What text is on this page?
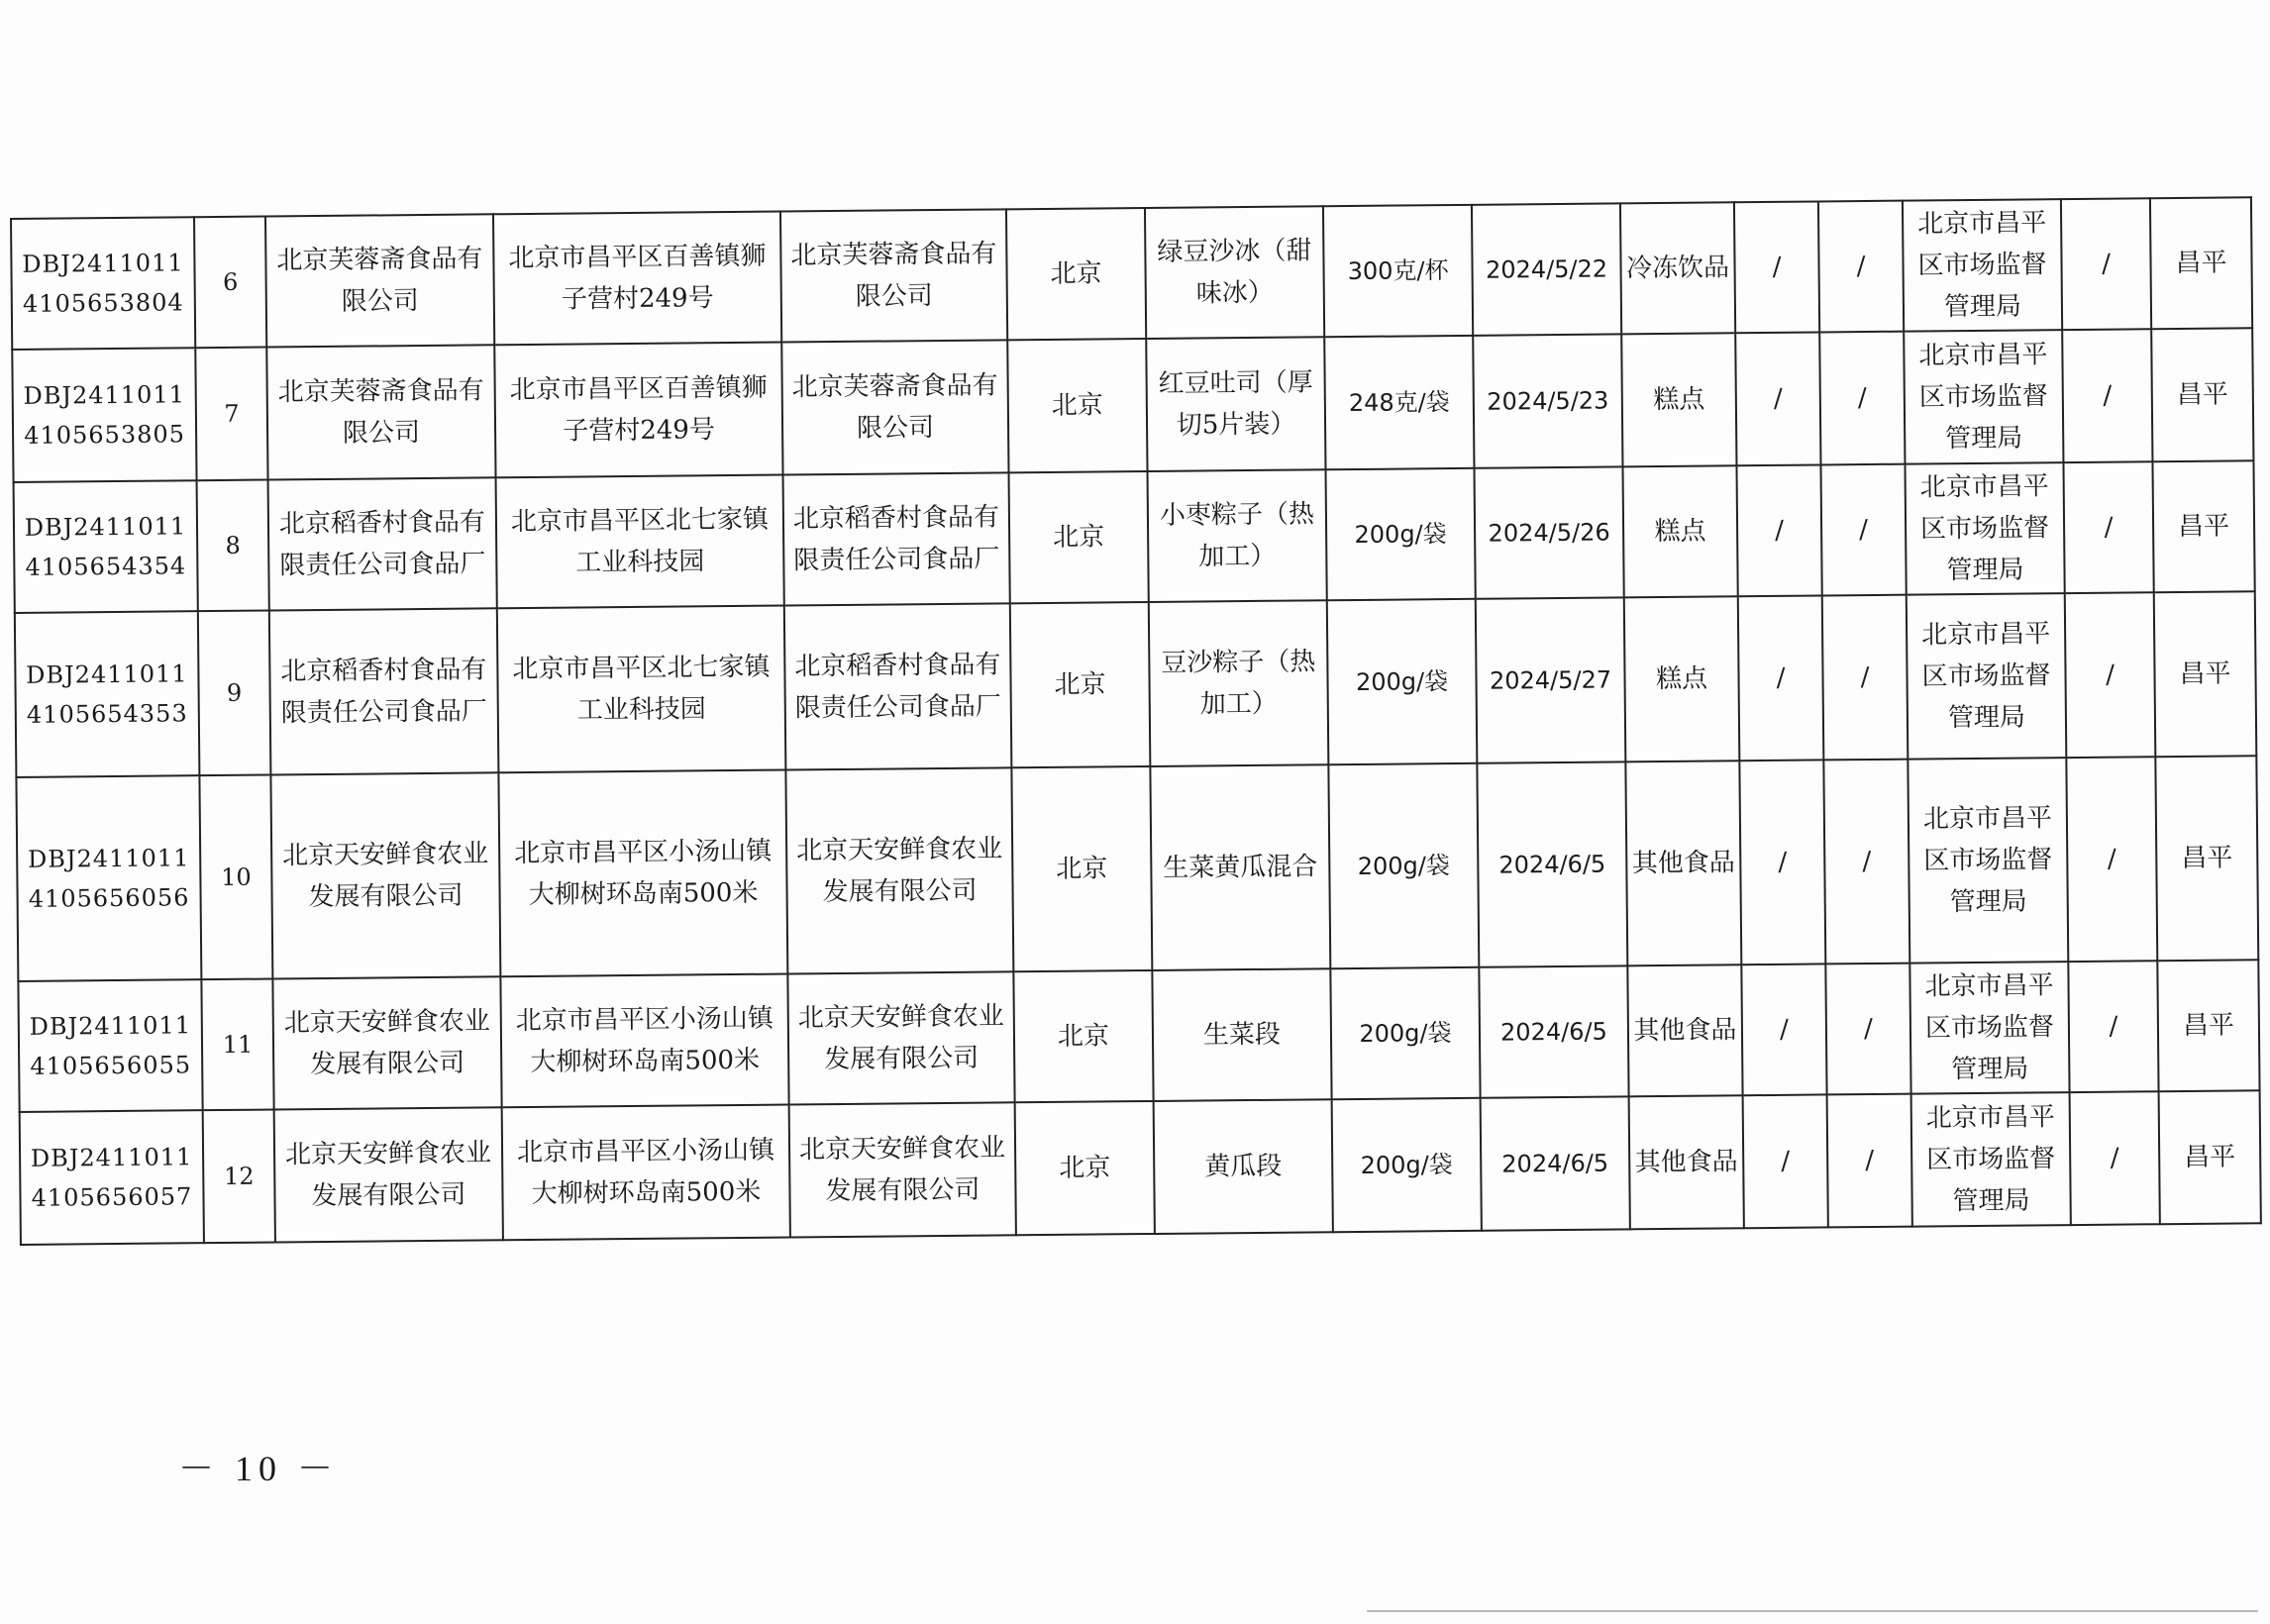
DBJ24110114105653804	6	北京芙蓉斋食品有限公司	北京市昌平区百善镇狮子营村249号	北京芙蓉斋食品有限公司	北京	绿豆沙冰（甜味冰）	300克/杯	2024/5/22	冷冻饮品	/	/	北京市昌平区市场监督管理局	/	昌平
DBJ24110114105653805	7	北京芙蓉斋食品有限公司	北京市昌平区百善镇狮子营村249号	北京芙蓉斋食品有限公司	北京	红豆吐司（厚切5片装）	248克/袋	2024/5/23	糕点	/	/	北京市昌平区市场监督管理局	/	昌平
DBJ24110114105654354	8	北京稻香村食品有限责任公司食品厂	北京市昌平区北七家镇工业科技园	北京稻香村食品有限责任公司食品厂	北京	小枣粽子（热加工）	200g/袋	2024/5/26	糕点	/	/	北京市昌平区市场监督管理局	/	昌平
DBJ24110114105654353	9	北京稻香村食品有限责任公司食品厂	北京市昌平区北七家镇工业科技园	北京稻香村食品有限责任公司食品厂	北京	豆沙粽子（热加工）	200g/袋	2024/5/27	糕点	/	/	北京市昌平区市场监督管理局	/	昌平
DBJ24110114105656056	10	北京天安鲜食农业发展有限公司	北京市昌平区小汤山镇大柳树环岛南500米	北京天安鲜食农业发展有限公司	北京	生菜黄瓜混合	200g/袋	2024/6/5	其他食品	/	/	北京市昌平区市场监督管理局	/	昌平
DBJ24110114105656055	11	北京天安鲜食农业发展有限公司	北京市昌平区小汤山镇大柳树环岛南500米	北京天安鲜食农业发展有限公司	北京	生菜段	200g/袋	2024/6/5	其他食品	/	/	北京市昌平区市场监督管理局	/	昌平
DBJ24110114105656057	12	北京天安鲜食农业发展有限公司	北京市昌平区小汤山镇大柳树环岛南500米	北京天安鲜食农业发展有限公司	北京	黄瓜段	200g/袋	2024/6/5	其他食品	/	/	北京市昌平区市场监督管理局	/	昌平
－ 10 －
